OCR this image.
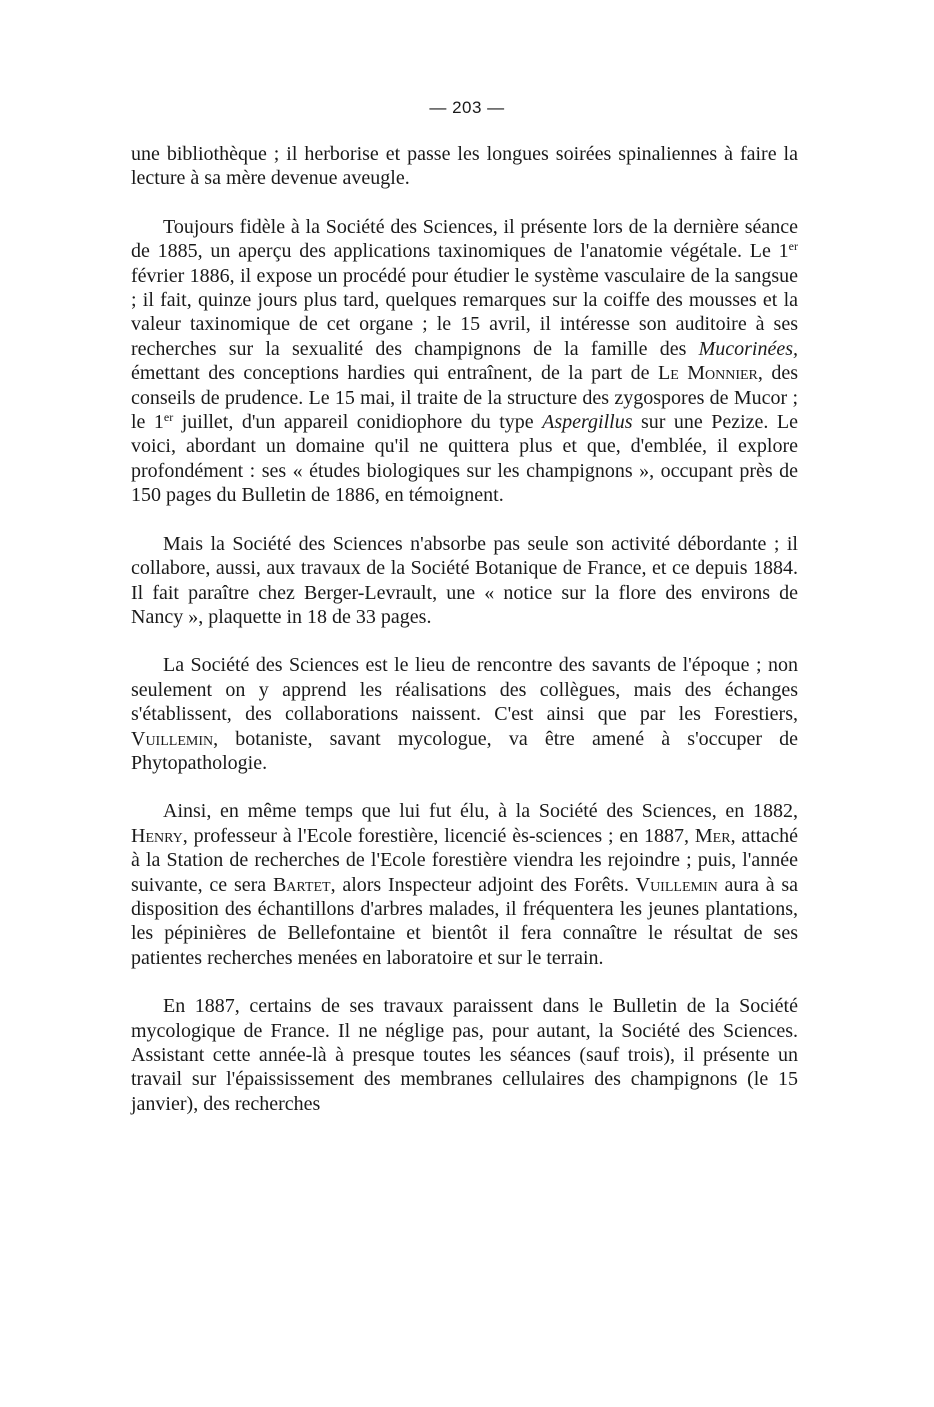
— 203 —

une bibliothèque ; il herborise et passe les longues soirées spinaliennes à faire la lecture à sa mère devenue aveugle.

Toujours fidèle à la Société des Sciences, il présente lors de la dernière séance de 1885, un aperçu des applications taxinomiques de l'anatomie végétale. Le 1er février 1886, il expose un procédé pour étudier le système vasculaire de la sangsue ; il fait, quinze jours plus tard, quelques remarques sur la coiffe des mousses et la valeur taxinomique de cet organe ; le 15 avril, il intéresse son auditoire à ses recherches sur la sexualité des champignons de la famille des Mucorinées, émettant des conceptions hardies qui entraînent, de la part de Le Monnier, des conseils de prudence. Le 15 mai, il traite de la structure des zygospores de Mucor ; le 1er juillet, d'un appareil conidiophore du type Aspergillus sur une Pezize. Le voici, abordant un domaine qu'il ne quittera plus et que, d'emblée, il explore profondément : ses « études biologiques sur les champignons », occupant près de 150 pages du Bulletin de 1886, en témoignent.

Mais la Société des Sciences n'absorbe pas seule son activité débordante ; il collabore, aussi, aux travaux de la Société Botanique de France, et ce depuis 1884. Il fait paraître chez Berger-Levrault, une « notice sur la flore des environs de Nancy », plaquette in 18 de 33 pages.

La Société des Sciences est le lieu de rencontre des savants de l'époque ; non seulement on y apprend les réalisations des collègues, mais des échanges s'établissent, des collaborations naissent. C'est ainsi que par les Forestiers, Vuillemin, botaniste, savant mycologue, va être amené à s'occuper de Phytopathologie.

Ainsi, en même temps que lui fut élu, à la Société des Sciences, en 1882, Henry, professeur à l'Ecole forestière, licencié ès-sciences ; en 1887, Mer, attaché à la Station de recherches de l'Ecole forestière viendra les rejoindre ; puis, l'année suivante, ce sera Bartet, alors Inspecteur adjoint des Forêts. Vuillemin aura à sa disposition des échantillons d'arbres malades, il fréquentera les jeunes plantations, les pépinières de Bellefontaine et bientôt il fera connaître le résultat de ses patientes recherches menées en laboratoire et sur le terrain.

En 1887, certains de ses travaux paraissent dans le Bulletin de la Société mycologique de France. Il ne néglige pas, pour autant, la Société des Sciences. Assistant cette année-là à presque toutes les séances (sauf trois), il présente un travail sur l'épaississement des membranes cellulaires des champignons (le 15 janvier), des recherches
